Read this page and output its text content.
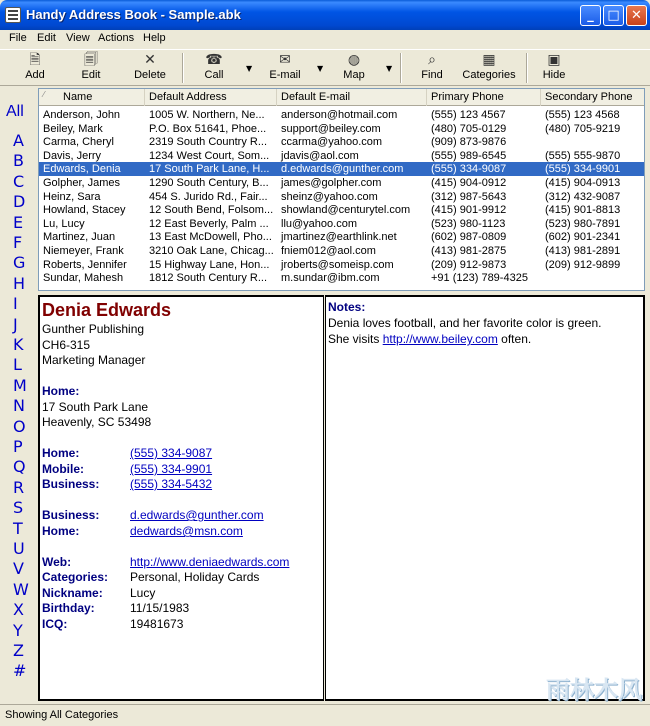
Handy Address Book - Sample.abk	_	□ ✕
File Edit View Actions Help
🗎
Add
🗐
Edit
✕
Delete
☎
Call
▼
✉
E-mail
▼
◍
Map
▼
⌕
Find
▦
Categories
▣
Hide
All
A
B
C
D
E
F
G
H
I
J
K
L
M
N
O
P
Q
R
S
T
U
V
W
X
Y
Z
#
⁄	Name	Default Address	Default E-mail	Primary Phone	Secondary Phone
Anderson, John	1005 W. Northern, Ne...	anderson@hotmail.com	(555) 123 4567	(555) 123 4568
Beiley, Mark	P.O. Box 51641, Phoe...	support@beiley.com	(480) 705-0129	(480) 705-9219
Carma, Cheryl	2319 South Country R...	ccarma@yahoo.com	(909) 873-9876
Davis, Jerry	1234 West Court, Som...	jdavis@aol.com	(555) 989-6545	(555) 555-9870
Edwards, Denia	17 South Park Lane, H...	d.edwards@gunther.com	(555) 334-9087	(555) 334-9901
Golpher, James	1290 South Century, B...	james@golpher.com	(415) 904-0912	(415) 904-0913
Heinz, Sara	454 S. Jurido Rd., Fair...	sheinz@yahoo.com	(312) 987-5643	(312) 432-9087
Howland, Stacey	12 South Bend, Folsom... showland@centurytel.com	(415) 901-9912	(415) 901-8813
Lu, Lucy	12 East Beverly, Palm ...	llu@yahoo.com	(523) 980-1123	(523) 980-7891
Martinez, Juan	13 East McDowell, Pho... jmartinez@earthlink.net	(602) 987-0809	(602) 901-2341
Niemeyer, Frank	3210 Oak Lane, Chicag... fniem012@aol.com	(413) 981-2875	(413) 981-2891
Roberts, Jennifer	15 Highway Lane, Hon...	jroberts@someisp.com	(209) 912-9873	(209) 912-9899
Sundar, Mahesh	1812 South Century R...	m.sundar@ibm.com	+91 (123) 789-4325
Denia Edwards
Gunther Publishing
CH6-315
Marketing Manager
Home:
17 South Park Lane
Heavenly, SC 53498
Home:	(555) 334-9087
Mobile:	(555) 334-9901
Business:	(555) 334-5432
Business:	d.edwards@gunther.com
Home:	dedwards@msn.com
Web:	http://www.deniaedwards.com
Categories: Personal, Holiday Cards
Nickname: Lucy
Birthday:	11/15/1983
ICQ:	19481673
Notes:
Denia loves football, and her favorite color is green.
She visits http://www.beiley.com often.
雨林木风
Showing All Categories
